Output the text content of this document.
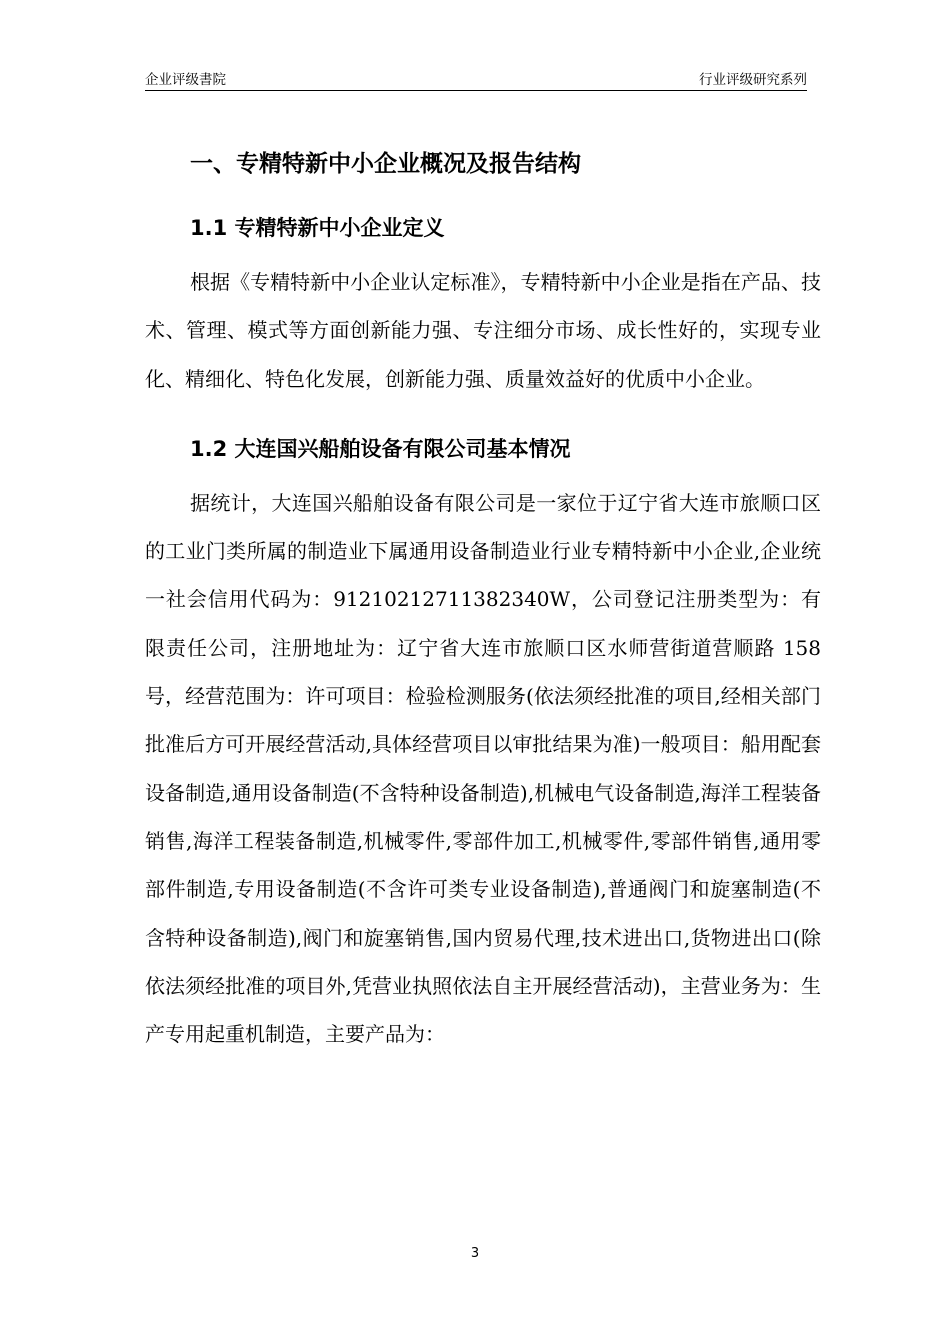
企业评级書院	行业评级研究系列
一、专精特新中小企业概况及报告结构
1.1 专精特新中小企业定义

根据《专精特新中小企业认定标准》，专精特新中小企业是指在产品、技术、管理、模式等方面创新能力强、专注细分市场、成长性好的，实现专业化、精细化、特色化发展，创新能力强、质量效益好的优质中小企业。

1.2 大连国兴船舶设备有限公司基本情况

据统计，大连国兴船舶设备有限公司是一家位于辽宁省大连市旅顺口区的工业门类所属的制造业下属通用设备制造业行业专精特新中小企业,企业统一社会信用代码为：91210212711382340W，公司登记注册类型为：有限责任公司，注册地址为：辽宁省大连市旅顺口区水师营街道营顺路 158 号，经营范围为：许可项目：检验检测服务(依法须经批准的项目,经相关部门批准后方可开展经营活动,具体经营项目以审批结果为准)一般项目：船用配套设备制造,通用设备制造(不含特种设备制造),机械电气设备制造,海洋工程装备销售,海洋工程装备制造,机械零件,零部件加工,机械零件,零部件销售,通用零部件制造,专用设备制造(不含许可类专业设备制造),普通阀门和旋塞制造(不含特种设备制造),阀门和旋塞销售,国内贸易代理,技术进出口,货物进出口(除依法须经批准的项目外,凭营业执照依法自主开展经营活动)，主营业务为：生产专用起重机制造，主要产品为：

3
